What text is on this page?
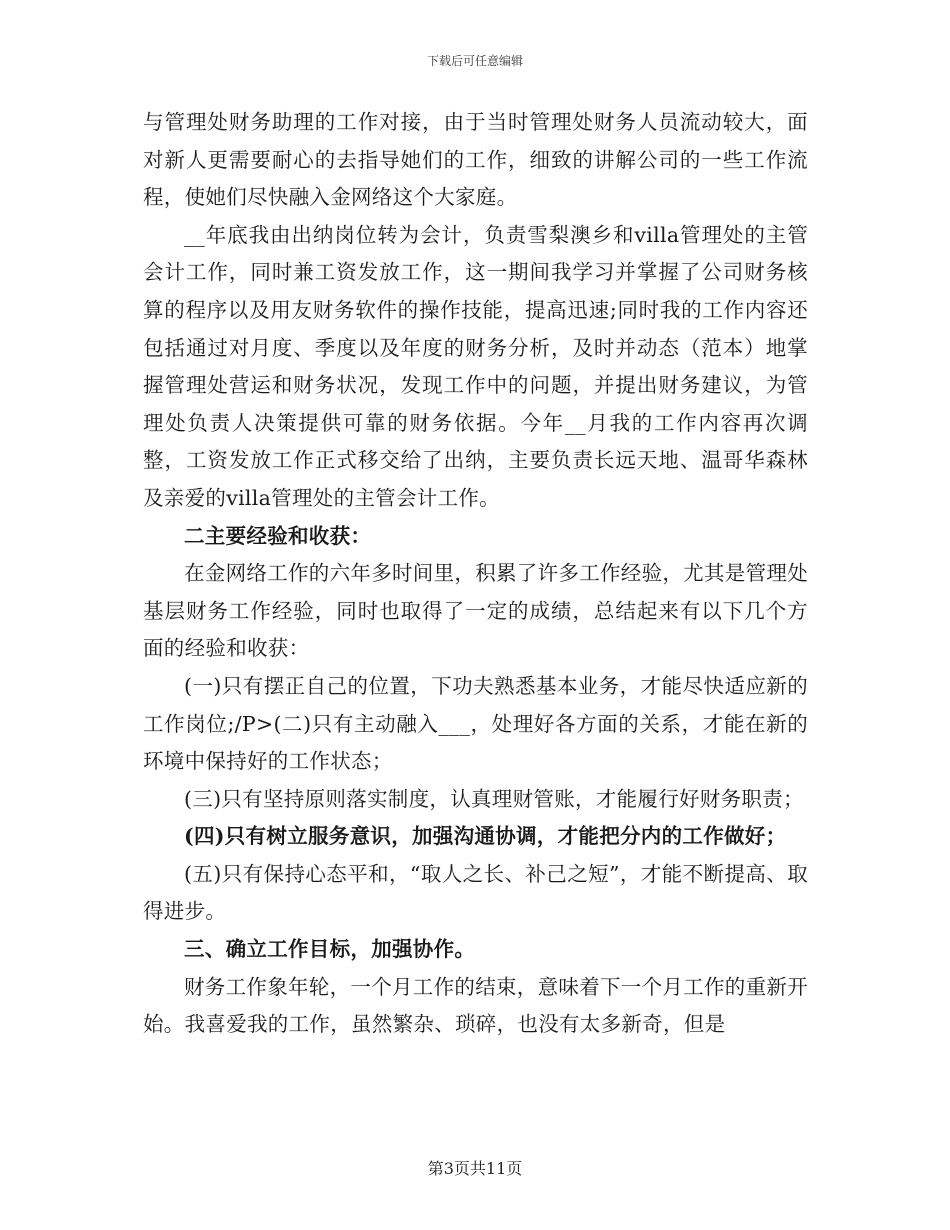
下载后可任意编辑

与管理处财务助理的工作对接，由于当时管理处财务人员流动较大，面对新人更需要耐心的去指导她们的工作，细致的讲解公司的一些工作流程，使她们尽快融入金网络这个大家庭。

__年底我由出纳岗位转为会计，负责雪梨澳乡和villa管理处的主管会计工作，同时兼工资发放工作，这一期间我学习并掌握了公司财务核算的程序以及用友财务软件的操作技能，提高迅速;同时我的工作内容还包括通过对月度、季度以及年度的财务分析，及时并动态（范本）地掌握管理处营运和财务状况，发现工作中的问题，并提出财务建议，为管理处负责人决策提供可靠的财务依据。今年__月我的工作内容再次调整，工资发放工作正式移交给了出纳，主要负责长远天地、温哥华森林及亲爱的villa管理处的主管会计工作。

二主要经验和收获：

在金网络工作的六年多时间里，积累了许多工作经验，尤其是管理处基层财务工作经验，同时也取得了一定的成绩，总结起来有以下几个方面的经验和收获：

(一)只有摆正自己的位置，下功夫熟悉基本业务，才能尽快适应新的工作岗位;/P>(二)只有主动融入___，处理好各方面的关系，才能在新的环境中保持好的工作状态；

(三)只有坚持原则落实制度，认真理财管账，才能履行好财务职责；

(四)只有树立服务意识，加强沟通协调，才能把分内的工作做好；

(五)只有保持心态平和，“取人之长、补己之短”，才能不断提高、取得进步。

三、确立工作目标，加强协作。

财务工作象年轮，一个月工作的结束，意味着下一个月工作的重新开始。我喜爱我的工作，虽然繁杂、琐碎，也没有太多新奇，但是

第3页共11页
